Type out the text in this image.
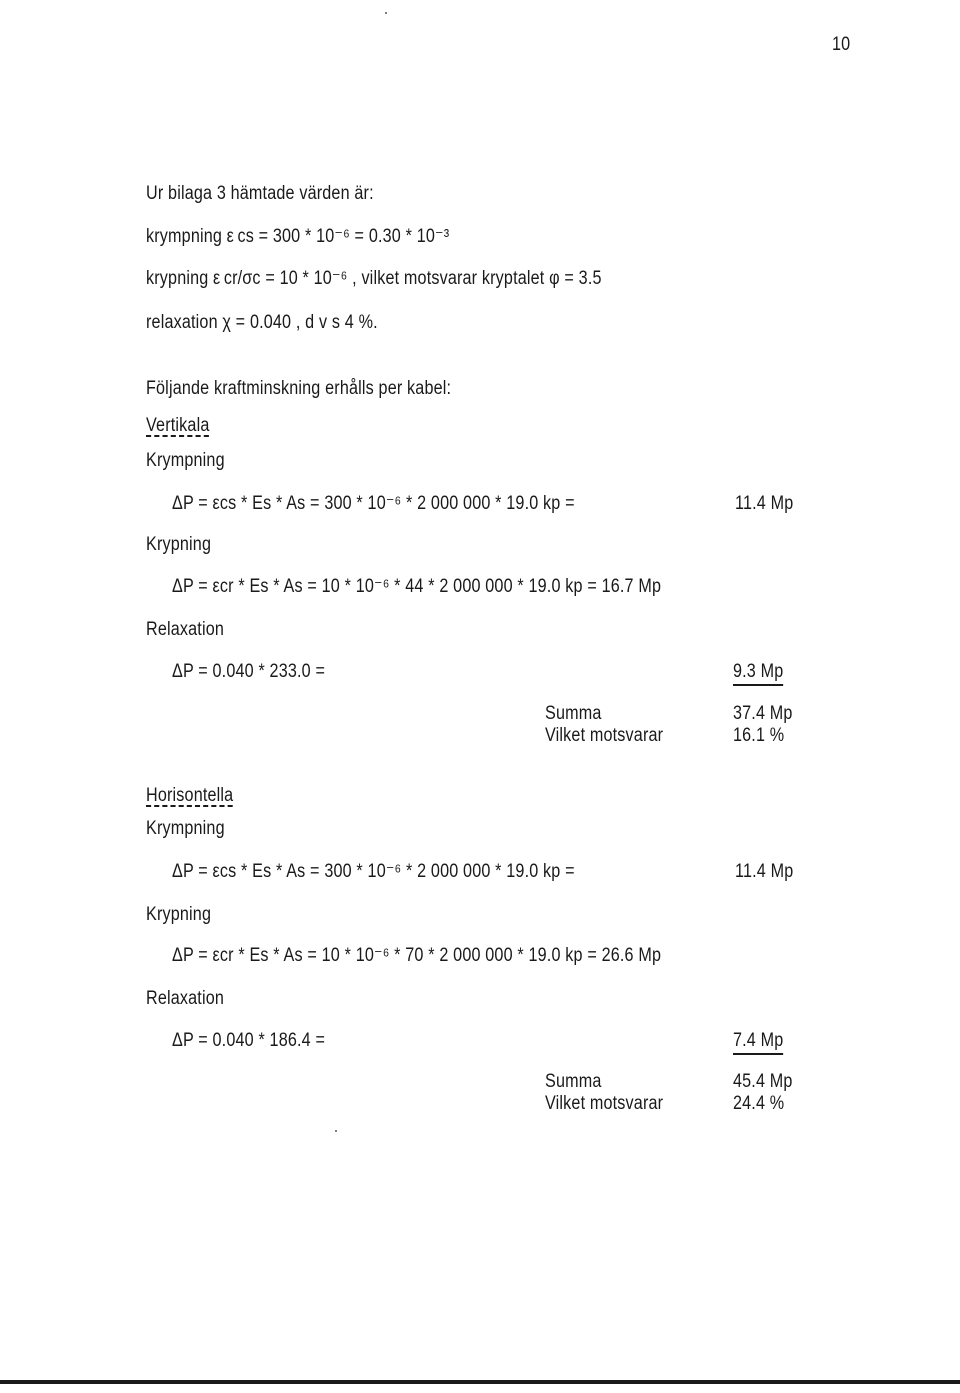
10
Ur bilaga 3 hämtade värden är:
krympning ε cs = 300 * 10⁻⁶ = 0.30 * 10⁻³
krypning ε cr/σc = 10 * 10⁻⁶ , vilket motsvarar kryptalet φ = 3.5
relaxation χ = 0.040 , d v s 4 %.
Följande kraftminskning erhålls per kabel:
Vertikala
Krympning
ΔP = εcs * Es * As = 300 * 10⁻⁶ * 2 000 000 * 19.0 kp =	11.4 Mp
Krypning
ΔP = εcr * Es * As = 10 * 10⁻⁶ * 44 * 2 000 000 * 19.0 kp = 16.7 Mp
Relaxation
ΔP = 0.040 * 233.0 =	9.3 Mp
Summa	37.4 Mp
Vilket motsvarar	16.1 %
Horisontella
Krympning
ΔP = εcs * Es * As = 300 * 10⁻⁶ * 2 000 000 * 19.0 kp =	11.4 Mp
Krypning
ΔP = εcr * Es * As = 10 * 10⁻⁶ * 70 * 2 000 000 * 19.0 kp = 26.6 Mp
Relaxation
ΔP = 0.040 * 186.4 =	7.4 Mp
Summa	45.4 Mp
Vilket motsvarar	24.4 %
